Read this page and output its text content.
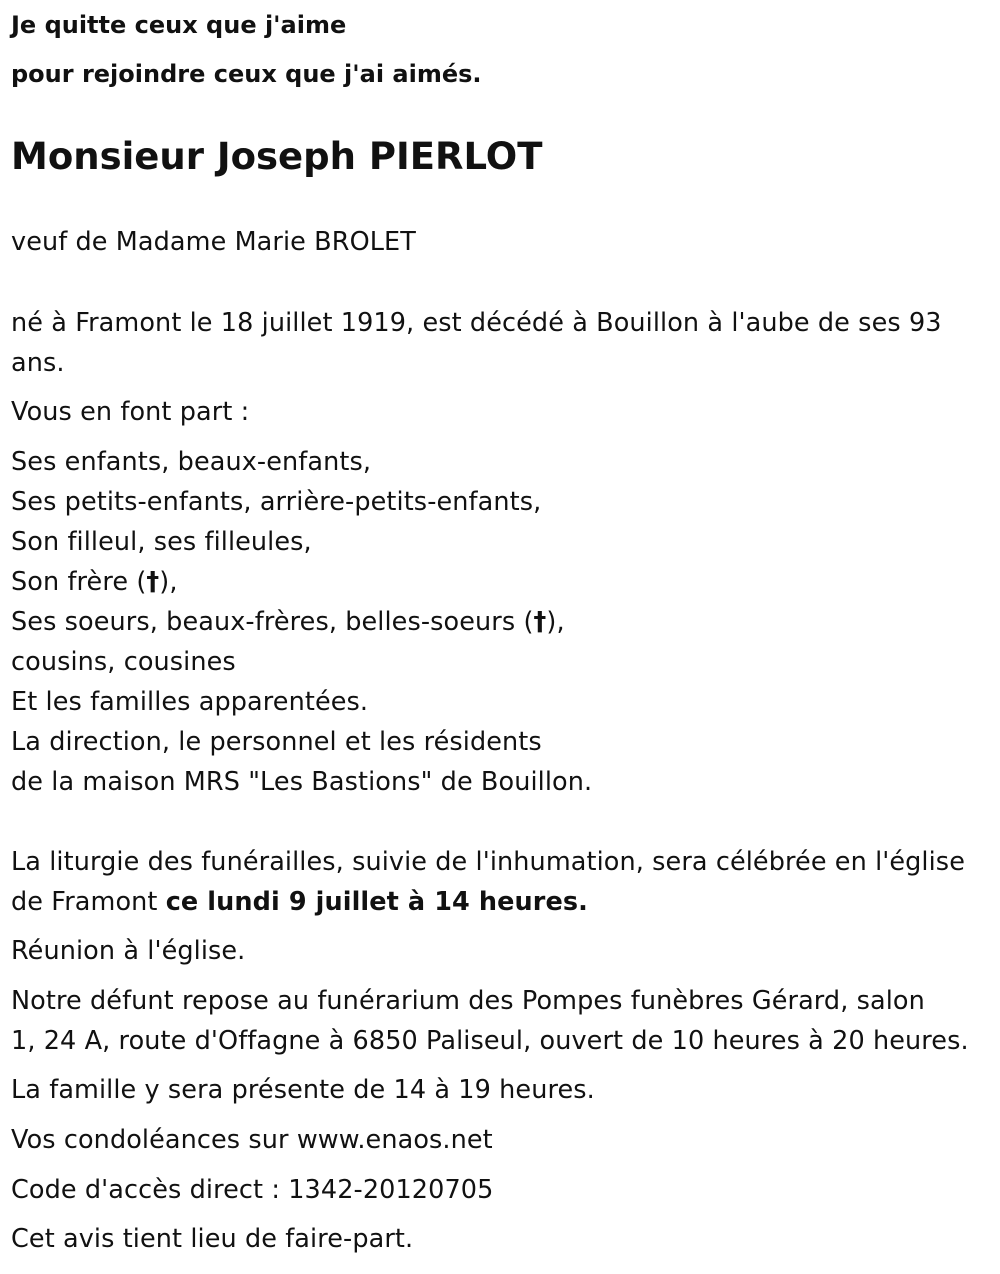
Je quitte ceux que j'aime

pour rejoindre ceux que j'ai aimés.

Monsieur Joseph PIERLOT
veuf de Madame Marie BROLET
né à Framont le 18 juillet 1919, est décédé à Bouillon à l'aube de ses 93
ans.
Vous en font part :
Ses enfants, beaux-enfants,
Ses petits-enfants, arrière-petits-enfants,
Son filleul, ses filleules,
Son frère (†),
Ses soeurs, beaux-frères, belles-soeurs (†),
cousins, cousines
Et les familles apparentées.
La direction, le personnel et les résidents
de la maison MRS "Les Bastions" de Bouillon.
La liturgie des funérailles, suivie de l'inhumation, sera célébrée en l'église
de Framont ce lundi 9 juillet à 14 heures.
Réunion à l'église.
Notre défunt repose au funérarium des Pompes funèbres Gérard, salon
1, 24 A, route d'Offagne à 6850 Paliseul, ouvert de 10 heures à 20 heures.
La famille y sera présente de 14 à 19 heures.
Vos condoléances sur www.enaos.net
Code d'accès direct : 1342-20120705
Cet avis tient lieu de faire-part.
